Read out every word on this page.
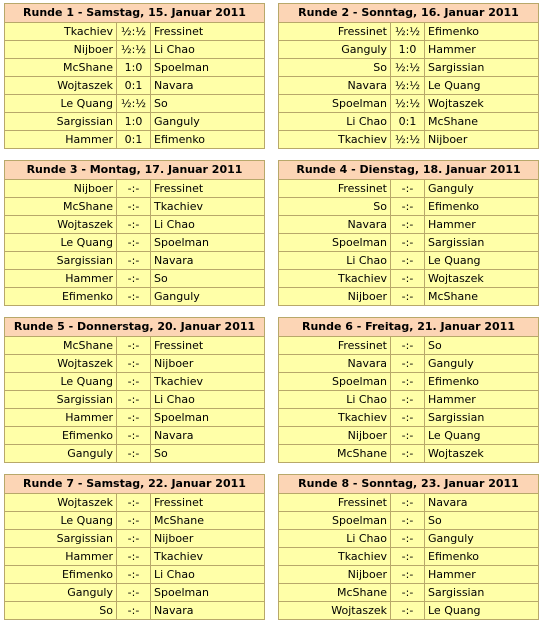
Runde 1 - Samstag, 15. Januar 2011		
Tkachiev	½:½	Fressinet
Nijboer	½:½	Li Chao
McShane	1:0	Spoelman
Wojtaszek	0:1	Navara
Le Quang	½:½	So
Sargissian	1:0	Ganguly
Hammer	0:1	Efimenko
Runde 2 - Sonntag, 16. Januar 2011		
Fressinet	½:½	Efimenko
Ganguly	1:0	Hammer
So	½:½	Sargissian
Navara	½:½	Le Quang
Spoelman	½:½	Wojtaszek
Li Chao	0:1	McShane
Tkachiev	½:½	Nijboer
Runde 3 - Montag, 17. Januar 2011		
Nijboer	-:-	Fressinet
McShane	-:-	Tkachiev
Wojtaszek	-:-	Li Chao
Le Quang	-:-	Spoelman
Sargissian	-:-	Navara
Hammer	-:-	So
Efimenko	-:-	Ganguly
Runde 4 - Dienstag, 18. Januar 2011		
Fressinet	-:-	Ganguly
So	-:-	Efimenko
Navara	-:-	Hammer
Spoelman	-:-	Sargissian
Li Chao	-:-	Le Quang
Tkachiev	-:-	Wojtaszek
Nijboer	-:-	McShane
Runde 5 - Donnerstag, 20. Januar 2011		
McShane	-:-	Fressinet
Wojtaszek	-:-	Nijboer
Le Quang	-:-	Tkachiev
Sargissian	-:-	Li Chao
Hammer	-:-	Spoelman
Efimenko	-:-	Navara
Ganguly	-:-	So
Runde 6 - Freitag, 21. Januar 2011		
Fressinet	-:-	So
Navara	-:-	Ganguly
Spoelman	-:-	Efimenko
Li Chao	-:-	Hammer
Tkachiev	-:-	Sargissian
Nijboer	-:-	Le Quang
McShane	-:-	Wojtaszek
Runde 7 - Samstag, 22. Januar 2011		
Wojtaszek	-:-	Fressinet
Le Quang	-:-	McShane
Sargissian	-:-	Nijboer
Hammer	-:-	Tkachiev
Efimenko	-:-	Li Chao
Ganguly	-:-	Spoelman
So	-:-	Navara
Runde 8 - Sonntag, 23. Januar 2011		
Fressinet	-:-	Navara
Spoelman	-:-	So
Li Chao	-:-	Ganguly
Tkachiev	-:-	Efimenko
Nijboer	-:-	Hammer
McShane	-:-	Sargissian
Wojtaszek	-:-	Le Quang
